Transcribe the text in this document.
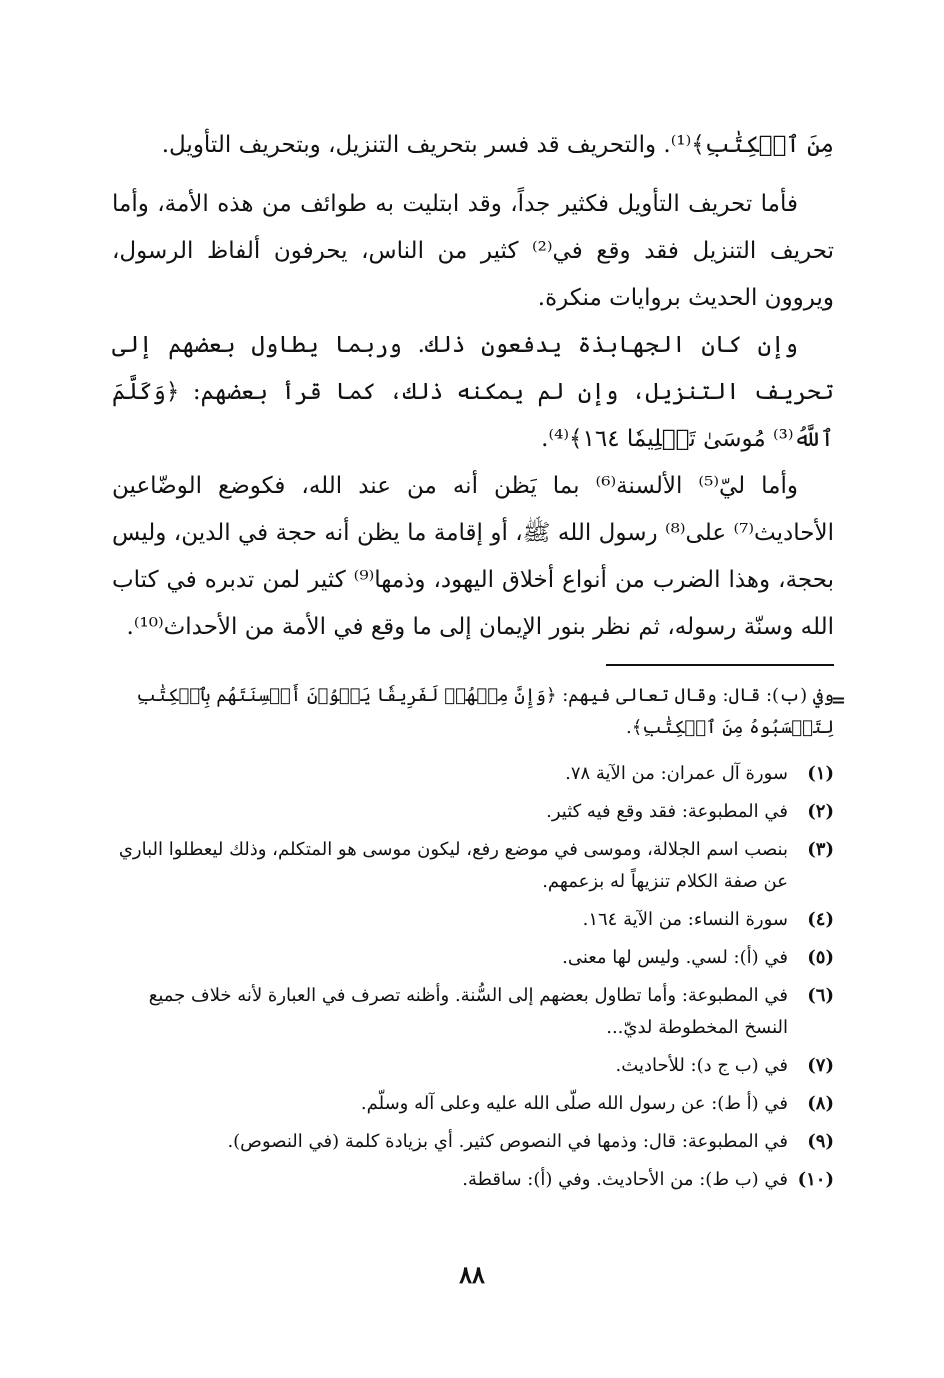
مِنَ ٱلۡكِتَٰبِ﴾⁽¹⁾. والتحريف قد فسر بتحريف التنزيل، وبتحريف التأويل.

فأما تحريف التأويل فكثير جداً، وقد ابتليت به طوائف من هذه الأمة، وأما تحريف التنزيل فقد وقع في⁽²⁾ كثير من الناس، يحرفون ألفاظ الرسول، ويروون الحديث بروايات منكرة.

وإن كان الجهابذة يدفعون ذلك. وربما يطاول بعضهم إلى تحريف التنزيل، وإن لم يمكنه ذلك، كما قرأ بعضهم: ﴿وَكَلَّمَ ٱللَّهُ⁽³⁾ مُوسَىٰ تَكۡلِيمٗا ١٦٤﴾⁽⁴⁾.

وأما ليّ⁽⁵⁾ الألسنة⁽⁶⁾ بما يَظن أنه من عند الله، فكوضع الوضّاعين الأحاديث⁽⁷⁾ على⁽⁸⁾ رسول الله ﷺ، أو إقامة ما يظن أنه حجة في الدين، وليس بحجة، وهذا الضرب من أنواع أخلاق اليهود، وذمها⁽⁹⁾ كثير لمن تدبره في كتاب الله وسنّة رسوله، ثم نظر بنور الإيمان إلى ما وقع في الأمة من الأحداث⁽¹⁰⁾.

=
وفي (ب): قال: وقال تعالى فيهم: ﴿وَإِنَّ مِنۡهُمۡ لَفَرِيقٗا يَلۡوُۥنَ أَلۡسِنَتَهُم بِٱلۡكِتَٰبِ لِتَحۡسَبُوهُ مِنَ ٱلۡكِتَٰبِ﴾.
(١)
سورة آل عمران: من الآية ٧٨.
(٢)
في المطبوعة: فقد وقع فيه كثير.
(٣)
بنصب اسم الجلالة، وموسى في موضع رفع، ليكون موسى هو المتكلم، وذلك ليعطلوا الباري عن صفة الكلام تنزيهاً له بزعمهم.
(٤)
سورة النساء: من الآية ١٦٤.
(٥)
في (أ): لسي. وليس لها معنى.
(٦)
في المطبوعة: وأما تطاول بعضهم إلى السُّنة. وأظنه تصرف في العبارة لأنه خلاف جميع النسخ المخطوطة لديّ...
(٧)
في (ب ج د): للأحاديث.
(٨)
في (أ ط): عن رسول الله صلّى الله عليه وعلى آله وسلّم.
(٩)
في المطبوعة: قال: وذمها في النصوص كثير. أي بزيادة كلمة (في النصوص).
(١٠)
في (ب ط): من الأحاديث. وفي (أ): ساقطة.
٨٨
